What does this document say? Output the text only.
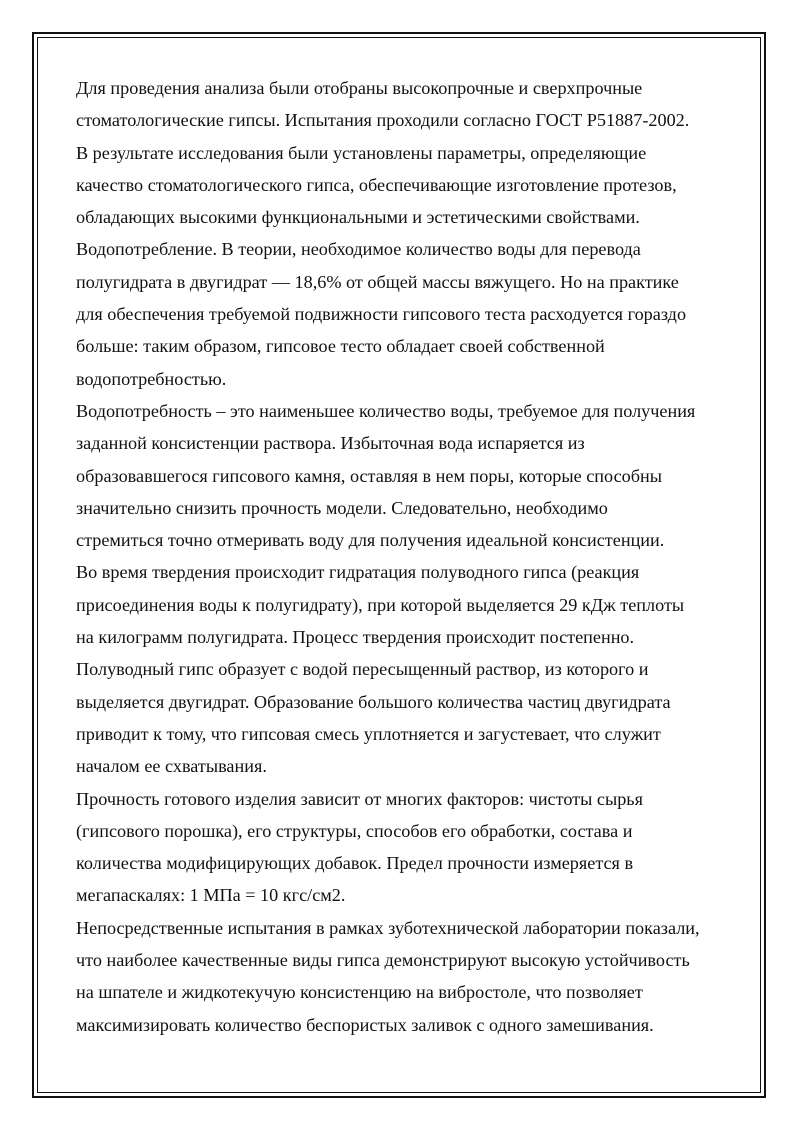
Для проведения анализа были отобраны высокопрочные и сверхпрочные
стоматологические гипсы. Испытания проходили согласно ГОСТ Р51887-2002.

В результате исследования были установлены параметры, определяющие
качество стоматологического гипса, обеспечивающие изготовление протезов,
обладающих высокими функциональными и эстетическими свойствами.

Водопотребление. В теории, необходимое количество воды для перевода
полугидрата в двугидрат — 18,6% от общей массы вяжущего. Но на практике
для обеспечения требуемой подвижности гипсового теста расходуется гораздо
больше: таким образом, гипсовое тесто обладает своей собственной
водопотребностью.

Водопотребность – это наименьшее количество воды, требуемое для получения
заданной консистенции раствора. Избыточная вода испаряется из
образовавшегося гипсового камня, оставляя в нем поры, которые способны
значительно снизить прочность модели. Следовательно, необходимо
стремиться точно отмеривать воду для получения идеальной консистенции.

Во время твердения происходит гидратация полуводного гипса (реакция
присоединения воды к полугидрату), при которой выделяется 29 кДж теплоты
на килограмм полугидрата. Процесс твердения происходит постепенно.
Полуводный гипс образует с водой пересыщенный раствор, из которого и
выделяется двугидрат. Образование большого количества частиц двугидрата
приводит к тому, что гипсовая смесь уплотняется и загустевает, что служит
началом ее схватывания.

Прочность готового изделия зависит от многих факторов: чистоты сырья
(гипсового порошка), его структуры, способов его обработки, состава и
количества модифицирующих добавок. Предел прочности измеряется в
мегапаскалях: 1 МПа = 10 кгс/см2.

Непосредственные испытания в рамках зуботехнической лаборатории показали,
что наиболее качественные виды гипса демонстрируют высокую устойчивость
на шпателе и жидкотекучую консистенцию на вибростоле, что позволяет
максимизировать количество беспористых заливок с одного замешивания.
